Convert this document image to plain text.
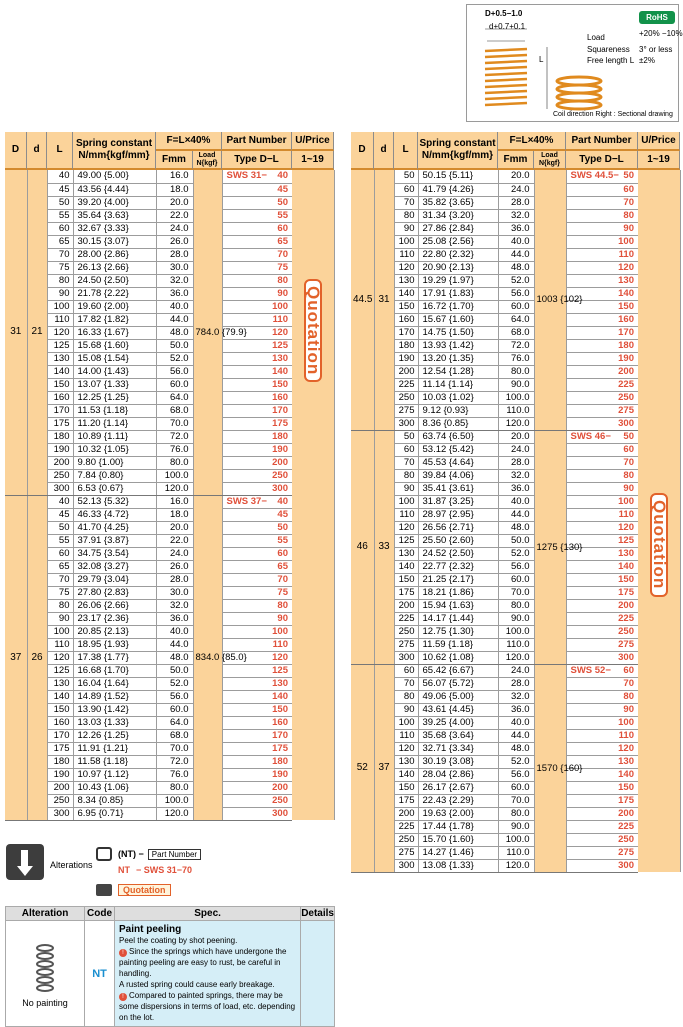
D+0.5−1.0
d+0.7+0.1
L
RoHS
Load	+20% −10%
Squareness 3° or less
Free length L ±2%
Coil direction Right : Sectional drawing
D d L
Spring constant N/mm{kgf/mm}
F=L×40%
Fmm	Load N{kgf}
Part Number
Type D−L
U/Price
1~19
D d L
Spring constant N/mm{kgf/mm}
F=L×40%
Fmm	Load N{kgf}
Part Number
Type D−L
U/Price
1~19
31	21	40	49.00 {5.00}	16.0	784.0 {79.9}	SWS 31− 40	Quotation
		45	43.56 {4.44}	18.0		45	
		50	39.20 {4.00}	20.0		50	
		55	35.64 {3.63}	22.0		55	
		60	32.67 {3.33}	24.0		60	
		65	30.15 {3.07}	26.0		65	
		70	28.00 {2.86}	28.0		70	
		75	26.13 {2.66}	30.0		75	
		80	24.50 {2.50}	32.0		80	
		90	21.78 {2.22}	36.0		90	
		100	19.60 {2.00}	40.0		100	
		110	17.82 {1.82}	44.0		110	
		120	16.33 {1.67}	48.0		120	
		125	15.68 {1.60}	50.0		125	
		130	15.08 {1.54}	52.0		130	
		140	14.00 {1.43}	56.0		140	
		150	13.07 {1.33}	60.0		150	
		160	12.25 {1.25}	64.0		160	
		170	11.53 {1.18}	68.0		170	
		175	11.20 {1.14}	70.0		175	
		180	10.89 {1.11}	72.0		180	
		190	10.32 {1.05}	76.0		190	
		200	9.80 {1.00}	80.0		200	
		250	7.84 {0.80}	100.0		250	
		300	6.53 {0.67}	120.0		300	
37	26	40	52.13 {5.32}	16.0	834.0 {85.0}	SWS 37− 40	
		45	46.33 {4.72}	18.0		45	
		50	41.70 {4.25}	20.0		50	
		55	37.91 {3.87}	22.0		55	
		60	34.75 {3.54}	24.0		60	
		65	32.08 {3.27}	26.0		65	
		70	29.79 {3.04}	28.0		70	
		75	27.80 {2.83}	30.0		75	
		80	26.06 {2.66}	32.0		80	
		90	23.17 {2.36}	36.0		90	
		100	20.85 {2.13}	40.0		100	
		110	18.95 {1.93}	44.0		110	
		120	17.38 {1.77}	48.0		120	
		125	16.68 {1.70}	50.0		125	
		130	16.04 {1.64}	52.0		130	
		140	14.89 {1.52}	56.0		140	
		150	13.90 {1.42}	60.0		150	
		160	13.03 {1.33}	64.0		160	
		170	12.26 {1.25}	68.0		170	
		175	11.91 {1.21}	70.0		175	
		180	11.58 {1.18}	72.0		180	
		190	10.97 {1.12}	76.0		190	
		200	10.43 {1.06}	80.0		200	
		250	8.34 {0.85}	100.0		250	
		300	6.95 {0.71}	120.0		300	
44.5	31	50	50.15 {5.11}	20.0	1003 {102}	SWS 44.5− 50	
		60	41.79 {4.26}	24.0		60	
		70	35.82 {3.65}	28.0		70	
		80	31.34 {3.20}	32.0		80	
		90	27.86 {2.84}	36.0		90	
		100	25.08 {2.56}	40.0		100	
		110	22.80 {2.32}	44.0		110	
		120	20.90 {2.13}	48.0		120	
		130	19.29 {1.97}	52.0		130	
		140	17.91 {1.83}	56.0		140	
		150	16.72 {1.70}	60.0		150	
		160	15.67 {1.60}	64.0		160	
		170	14.75 {1.50}	68.0		170	
		180	13.93 {1.42}	72.0		180	
		190	13.20 {1.35}	76.0		190	
		200	12.54 {1.28}	80.0		200	
		225	11.14 {1.14}	90.0		225	
		250	10.03 {1.02}	100.0		250	
		275	9.12 {0.93}	110.0		275	
		300	8.36 {0.85}	120.0		300	
46	33	50	63.74 {6.50}	20.0	1275 {130}	SWS 46− 50	Quotation
		60	53.12 {5.42}	24.0		60	
		70	45.53 {4.64}	28.0		70	
		80	39.84 {4.06}	32.0		80	
		90	35.41 {3.61}	36.0		90	
		100	31.87 {3.25}	40.0		100	
		110	28.97 {2.95}	44.0		110	
		120	26.56 {2.71}	48.0		120	
		125	25.50 {2.60}	50.0		125	
		130	24.52 {2.50}	52.0		130	
		140	22.77 {2.32}	56.0		140	
		150	21.25 {2.17}	60.0		150	
		175	18.21 {1.86}	70.0		175	
		200	15.94 {1.63}	80.0		200	
		225	14.17 {1.44}	90.0		225	
		250	12.75 {1.30}	100.0		250	
		275	11.59 {1.18}	110.0		275	
		300	10.62 {1.08}	120.0		300	
52	37	60	65.42 {6.67}	24.0	1570 {160}	SWS 52− 60	
		70	56.07 {5.72}	28.0		70	
		80	49.06 {5.00}	32.0		80	
		90	43.61 {4.45}	36.0		90	
		100	39.25 {4.00}	40.0		100	
		110	35.68 {3.64}	44.0		110	
		120	32.71 {3.34}	48.0		120	
		130	30.19 {3.08}	52.0		130	
		140	28.04 {2.86}	56.0		140	
		150	26.17 {2.67}	60.0		150	
		175	22.43 {2.29}	70.0		175	
		200	19.63 {2.00}	80.0		200	
		225	17.44 {1.78}	90.0		225	
		250	15.70 {1.60}	100.0		250	
		275	14.27 {1.46}	110.0		275	
		300	13.08 {1.33}	120.0		300	
Alterations
(NT) −	Part Number
NT − SWS 31−70
Quotation
Alteration	Code	Spec.	Details

No painting	NT	Paint peeling
Peel the coating by shot peening.
! Since the springs which have undergone the painting peeling are easy to rust, be careful in handling.
A rusted spring could cause early breakage.
! Compared to painted springs, there may be some dispersions in terms of load, etc. depending on the lot.	
